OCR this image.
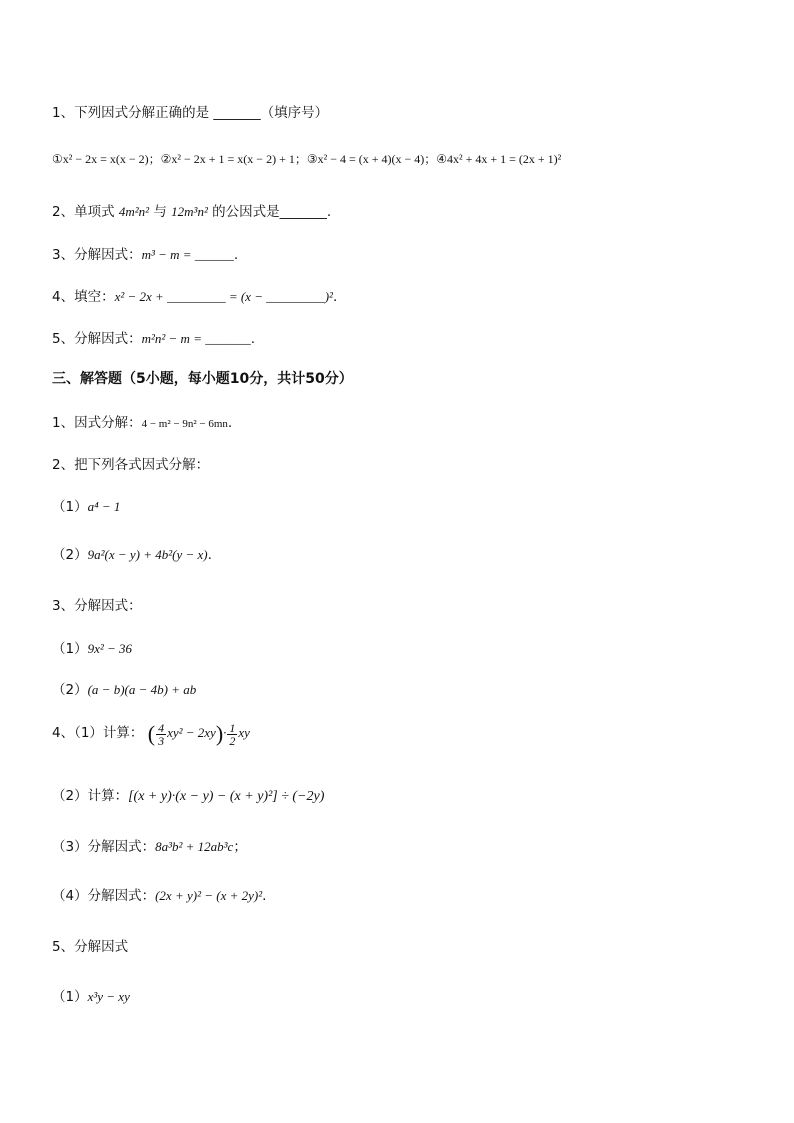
1、下列因式分解正确的是 _______（填序号）
①x² − 2x = x(x − 2)；②x² − 2x + 1 = x(x − 2) + 1；③x² − 4 = (x + 4)(x − 4)；④4x² + 4x + 1 = (2x + 1)²
2、单项式 4m²n² 与 12m³n² 的公因式是_______.
3、分解因式：m³ − m = ______.
4、填空：x² − 2x + _________ = (x − _________)².
5、分解因式：m²n² − m = _______.
三、解答题（5小题，每小题10分，共计50分）
1、因式分解：4 − m² − 9n² − 6mn.
2、把下列各式因式分解：
（1）a⁴ − 1
（2）9a²(x − y) + 4b²(y − x).
3、分解因式：
（1）9x² − 36
（2）(a − b)(a − 4b) + ab
4、（1）计算： ( $\frac{4}{3} xy^2 - 2xy)\cdot \frac{1}{2}$ xy
（2）计算：[(x + y)·(x − y) − (x + y)²] ÷ (−2y)
（3）分解因式：8a³b² + 12ab³c；
（4）分解因式：(2x + y)² − (x + 2y)².
5、分解因式
（1）x³y − xy
